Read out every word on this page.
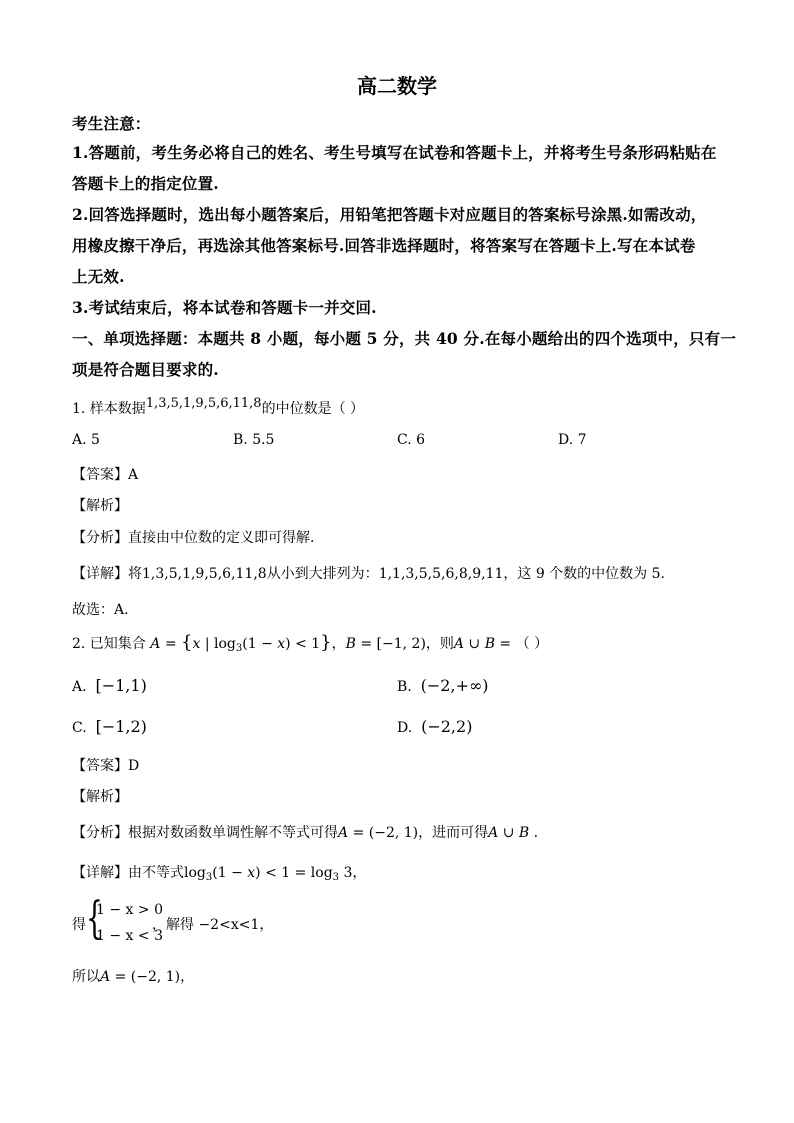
高二数学
考生注意：
1.答题前，考生务必将自己的姓名、考生号填写在试卷和答题卡上，并将考生号条形码粘贴在
答题卡上的指定位置.
2.回答选择题时，选出每小题答案后，用铅笔把答题卡对应题目的答案标号涂黑.如需改动，
用橡皮擦干净后，再选涂其他答案标号.回答非选择题时，将答案写在答题卡上.写在本试卷
上无效.
3.考试结束后，将本试卷和答题卡一并交回.
一、单项选择题：本题共 8 小题，每小题 5 分，共 40 分.在每小题给出的四个选项中，只有一
项是符合题目要求的.
1. 样本数据1,3,5,1,9,5,6,11,8的中位数是（ ）
A. 5	B. 5.5	C. 6	D. 7
【答案】A
【解析】
【分析】直接由中位数的定义即可得解.
【详解】将1,3,5,1,9,5,6,11,8从小到大排列为：1,1,3,5,5,6,8,9,11，这 9 个数的中位数为 5.
故选：A.
2. 已知集合 A = {x | $\log_3(1 - x) < 1$}，B = [−1, 2)，则A ∪ B = （ ）
A. [−1,1)	B. (−2,+∞)
C. [−1,2)	D. (−2,2)
【答案】D
【解析】
【分析】根据对数函数单调性解不等式可得A = (−2, 1)，进而可得A ∪ B .
【详解】由不等式$\log_3(1 - x) < 1 = \log_3 3$，
得 {
1 − x > 0
1 − x < 3
，解得 −2<x<1，
所以A = (−2, 1)，
